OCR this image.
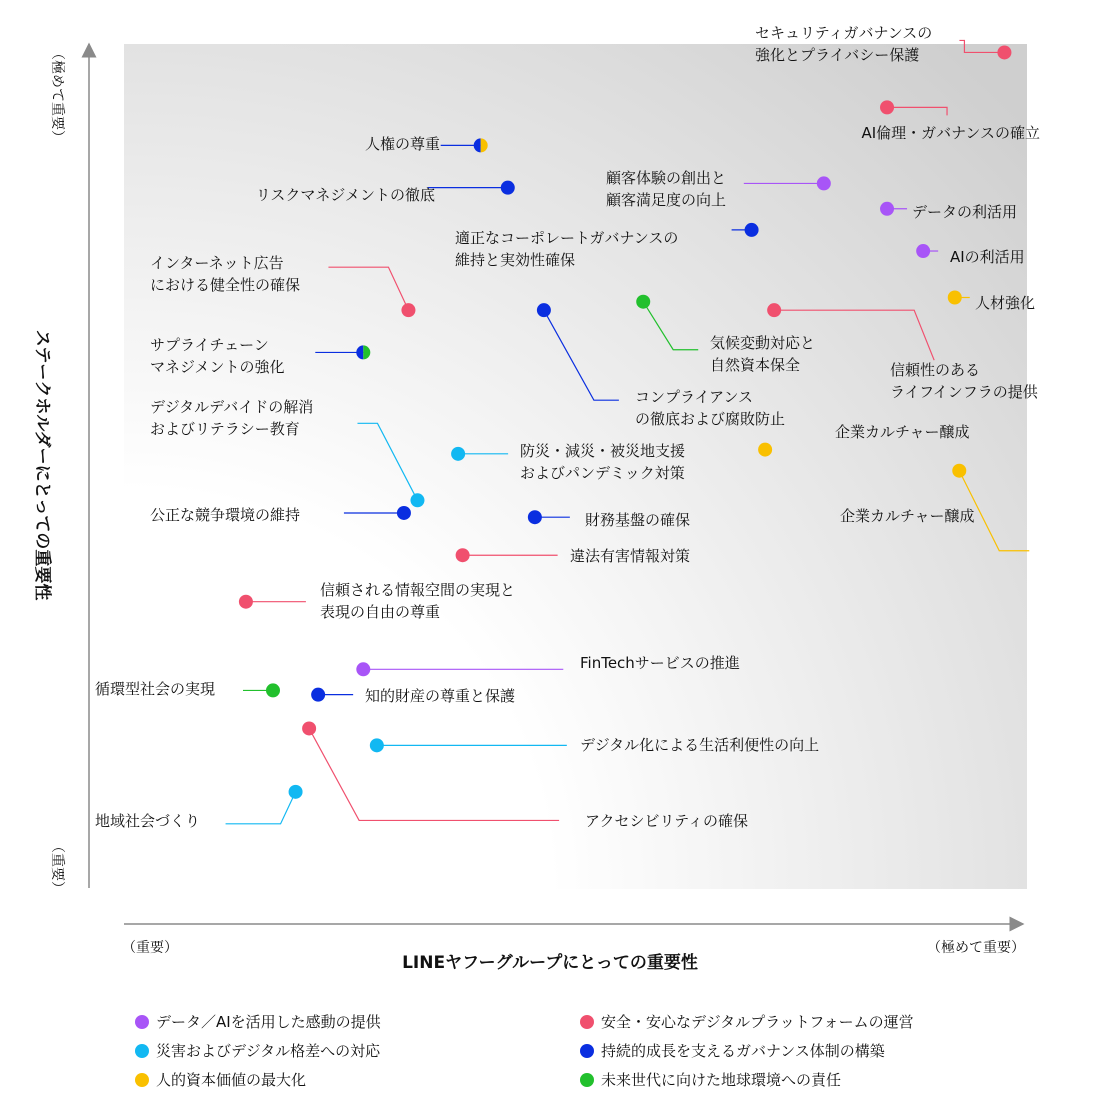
セキュリティガバナンスの強化とプライバシー保護
AI倫理・ガバナンスの確立
人権の尊重
リスクマネジメントの徹底
顧客体験の創出と顧客満足度の向上
データの利活用
適正なコーポレートガバナンスの維持と実効性確保	AIの利活用
インターネット広告における健全性の確保
人材強化
気候変動対応と自然資本保全	信頼性のあるライフインフラの提供
コンプライアンスの徹底および腐敗防止
サプライチェーンマネジメントの強化
企業カルチャー醸成
デジタルデバイドの解消およびリテラシー教育
防災・減災・被災地支援およびパンデミック対策
企業カルチャー醸成
公正な競争環境の維持	財務基盤の確保
違法有害情報対策
信頼される情報空間の実現と表現の自由の尊重
FinTechサービスの推進
循環型社会の実現	知的財産の尊重と保護
アクセシビリティの確保
デジタル化による生活利便性の向上
地域社会づくり
ステークホルダーにとっての重要性
（極めて重要）
（重要）
（重要）	（極めて重要）
LINEヤフーグループにとっての重要性
データ／AIを活用した感動の提供	安全・安心なデジタルプラットフォームの運営
災害およびデジタル格差への対応	持続的成長を支えるガバナンス体制の構築
人的資本価値の最大化	未来世代に向けた地球環境への責任
